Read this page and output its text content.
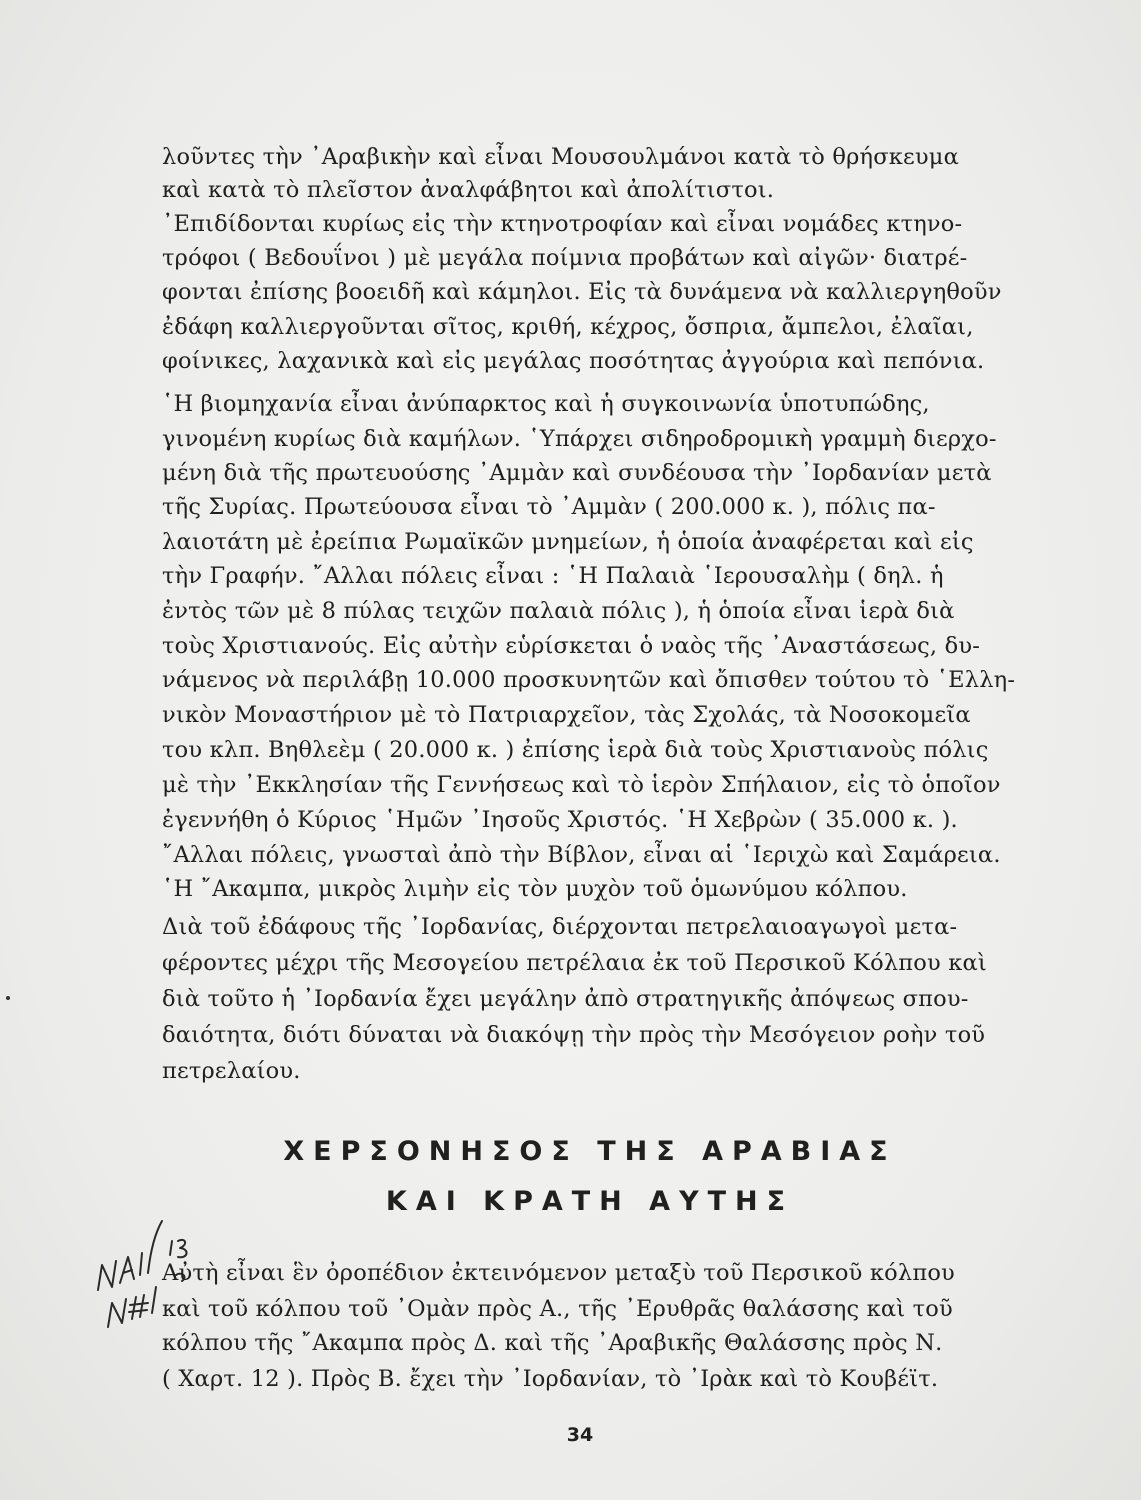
λοῦντες τὴν ᾿Αραβικὴν καὶ εἶναι Μουσουλμάνοι κατὰ τὸ θρήσκευμα
καὶ κατὰ τὸ πλεῖστον ἀναλφάβητοι καὶ ἀπολίτιστοι.
᾿Επιδίδονται κυρίως εἰς τὴν κτηνοτροφίαν καὶ εἶναι νομάδες κτηνο-
τρόφοι ( Βεδουΐνοι ) μὲ μεγάλα ποίμνια προβάτων καὶ αἰγῶν· διατρέ-
φονται ἐπίσης βοοειδῆ καὶ κάμηλοι. Εἰς τὰ δυνάμενα νὰ καλλιεργηθοῦν
ἐδάφη καλλιεργοῦνται σῖτος, κριθή, κέχρος, ὄσπρια, ἄμπελοι, ἐλαῖαι,
φοίνικες, λαχανικὰ καὶ εἰς μεγάλας ποσότητας ἀγγούρια καὶ πεπόνια.
῾Η βιομηχανία εἶναι ἀνύπαρκτος καὶ ἡ συγκοινωνία ὑποτυπώδης,
γινομένη κυρίως διὰ καμήλων. ῾Υπάρχει σιδηροδρομικὴ γραμμὴ διερχο-
μένη διὰ τῆς πρωτευούσης ᾿Αμμὰν καὶ συνδέουσα τὴν ᾿Ιορδανίαν μετὰ
τῆς Συρίας. Πρωτεύουσα εἶναι τὸ ᾿Αμμὰν ( 200.000 κ. ), πόλις πα-
λαιοτάτη μὲ ἐρείπια Ρωμαϊκῶν μνημείων, ἡ ὁποία ἀναφέρεται καὶ εἰς
τὴν Γραφήν. ῎Αλλαι πόλεις εἶναι : ῾Η Παλαιὰ ῾Ιερουσαλὴμ ( δηλ. ἡ
ἐντὸς τῶν μὲ 8 πύλας τειχῶν παλαιὰ πόλις ), ἡ ὁποία εἶναι ἱερὰ διὰ
τοὺς Χριστιανούς. Εἰς αὐτὴν εὑρίσκεται ὁ ναὸς τῆς ᾿Αναστάσεως, δυ-
νάμενος νὰ περιλάβῃ 10.000 προσκυνητῶν καὶ ὄπισθεν τούτου τὸ ῾Ελλη-
νικὸν Μοναστήριον μὲ τὸ Πατριαρχεῖον, τὰς Σχολάς, τὰ Νοσοκομεῖα
του κλπ. Βηθλεὲμ ( 20.000 κ. ) ἐπίσης ἱερὰ διὰ τοὺς Χριστιανοὺς πόλις
μὲ τὴν ᾿Εκκλησίαν τῆς Γεννήσεως καὶ τὸ ἱερὸν Σπήλαιον, εἰς τὸ ὁποῖον
ἐγεννήθη ὁ Κύριος ῾Ημῶν ᾿Ιησοῦς Χριστός. ῾Η Χεβρὼν ( 35.000 κ. ).
῎Αλλαι πόλεις, γνωσταὶ ἀπὸ τὴν Βίβλον, εἶναι αἱ ῾Ιεριχὼ καὶ Σαμάρεια.
῾Η ῎Ακαμπα, μικρὸς λιμὴν εἰς τὸν μυχὸν τοῦ ὁμωνύμου κόλπου.
Διὰ τοῦ ἐδάφους τῆς ᾿Ιορδανίας, διέρχονται πετρελαιοαγωγοὶ μετα-
φέροντες μέχρι τῆς Μεσογείου πετρέλαια ἐκ τοῦ Περσικοῦ Κόλπου καὶ
διὰ τοῦτο ἡ ᾿Ιορδανία ἔχει μεγάλην ἀπὸ στρατηγικῆς ἀπόψεως σπου-
δαιότητα, διότι δύναται νὰ διακόψῃ τὴν πρὸς τὴν Μεσόγειον ροὴν τοῦ
πετρελαίου.
ΧΕΡΣΟΝΗΣΟΣ ΤΗΣ ΑΡΑΒΙΑΣ
ΚΑΙ ΚΡΑΤΗ ΑΥΤΗΣ
Αὐτὴ εἶναι ἓν ὀροπέδιον ἐκτεινόμενον μεταξὺ τοῦ Περσικοῦ κόλπου
καὶ τοῦ κόλπου τοῦ ᾿Ομὰν πρὸς Α., τῆς ᾿Ερυθρᾶς θαλάσσης καὶ τοῦ
κόλπου τῆς ῎Ακαμπα πρὸς Δ. καὶ τῆς ᾿Αραβικῆς Θαλάσσης πρὸς Ν.
( Χαρτ. 12 ). Πρὸς Β. ἔχει τὴν ᾿Ιορδανίαν, τὸ ᾿Ιρὰκ καὶ τὸ Κουβέϊτ.
34
